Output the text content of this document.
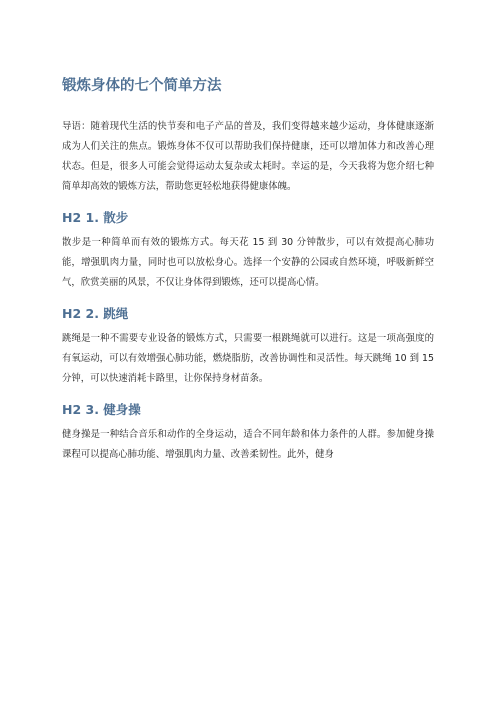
锻炼身体的七个简单方法

导语：随着现代生活的快节奏和电子产品的普及，我们变得越来越少运动，身体健康逐渐成为人们关注的焦点。锻炼身体不仅可以帮助我们保持健康，还可以增加体力和改善心理状态。但是，很多人可能会觉得运动太复杂或太耗时。幸运的是，今天我将为您介绍七种简单却高效的锻炼方法，帮助您更轻松地获得健康体魄。

H2 1. 散步

散步是一种简单而有效的锻炼方式。每天花 15 到 30 分钟散步，可以有效提高心肺功能，增强肌肉力量，同时也可以放松身心。选择一个安静的公园或自然环境，呼吸新鲜空气，欣赏美丽的风景，不仅让身体得到锻炼，还可以提高心情。

H2 2. 跳绳

跳绳是一种不需要专业设备的锻炼方式，只需要一根跳绳就可以进行。这是一项高强度的有氧运动，可以有效增强心肺功能，燃烧脂肪，改善协调性和灵活性。每天跳绳 10 到 15 分钟，可以快速消耗卡路里，让你保持身材苗条。

H2 3. 健身操

健身操是一种结合音乐和动作的全身运动，适合不同年龄和体力条件的人群。参加健身操课程可以提高心肺功能、增强肌肉力量、改善柔韧性。此外，健身
